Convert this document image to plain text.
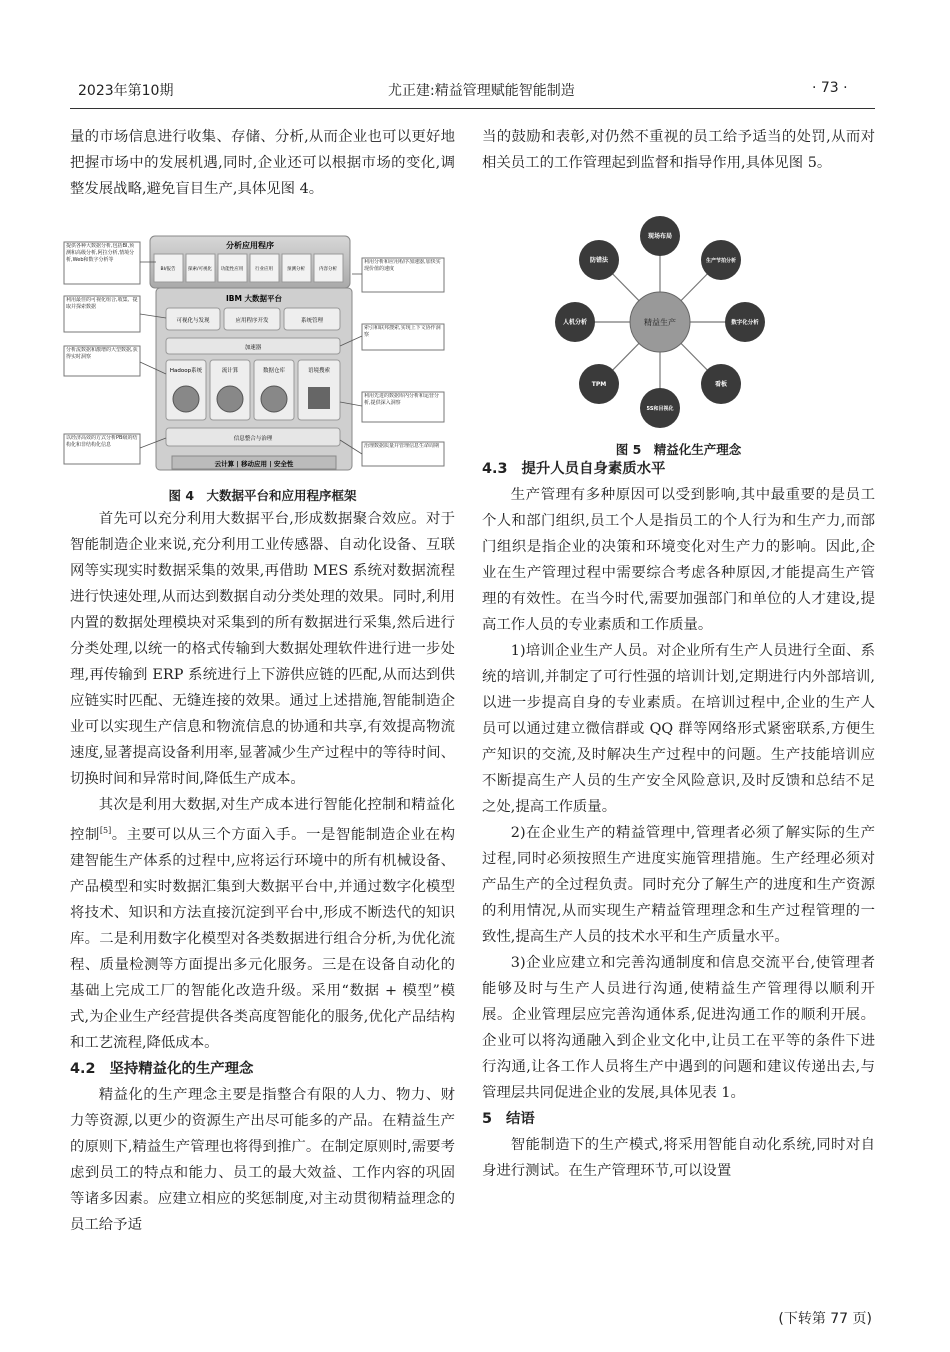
2023年第10期	尤正建:精益管理赋能智能制造	· 73 ·

量的市场信息进行收集、存储、分析,从而企业也可以更好地把握市场中的发展机遇,同时,企业还可以根据市场的变化,调整发展战略,避免盲目生产,具体见图 4。

分析应用程序
BI/报告	探索/可视化 功能性应用	行业应用	预测分析	内容分析
IBM 大数据平台
可视化与发现	应用程序开发	系统管理
加速器
Hadoop系统	流计算	数据仓库	语境搜索
信息整合与治理
云计算 | 移动应用 | 安全性
提供各种大数据分析,包括BI,预测和高级分析,阿拉分析,情境分析,Web和数字分析等
利用最佳的可视化组合,收集、提取并探索数据
分析流数据和激增的大型数据,获得实时洞察
以经济高效的方式分析PB级的结构化和非结构化信息
利用分析和应用程序加速器,加快实现价值的速度
索引和联邦搜索,实现上下文协作洞察
利用先进的数据库内分析和运营分析,提供深入洞察
治理数据质量并管理信息生命周期
图 4　大数据平台和应用程序框架

首先可以充分利用大数据平台,形成数据聚合效应。对于智能制造企业来说,充分利用工业传感器、自动化设备、互联网等实现实时数据采集的效果,再借助 MES 系统对数据流程进行快速处理,从而达到数据自动分类处理的效果。同时,利用内置的数据处理模块对采集到的所有数据进行采集,然后进行分类处理,以统一的格式传输到大数据处理软件进行进一步处理,再传输到 ERP 系统进行上下游供应链的匹配,从而达到供应链实时匹配、无缝连接的效果。通过上述措施,智能制造企业可以实现生产信息和物流信息的协通和共享,有效提高物流速度,显著提高设备利用率,显著减少生产过程中的等待时间、切换时间和异常时间,降低生产成本。

其次是利用大数据,对生产成本进行智能化控制和精益化控制[5]。主要可以从三个方面入手。一是智能制造企业在构建智能生产体系的过程中,应将运行环境中的所有机械设备、产品模型和实时数据汇集到大数据平台中,并通过数字化模型将技术、知识和方法直接沉淀到平台中,形成不断迭代的知识库。二是利用数字化模型对各类数据进行组合分析,为优化流程、质量检测等方面提出多元化服务。三是在设备自动化的基础上完成工厂的智能化改造升级。采用“数据 + 模型”模式,为企业生产经营提供各类高度智能化的服务,优化产品结构和工艺流程,降低成本。

4.2 坚持精益化的生产理念

精益化的生产理念主要是指整合有限的人力、物力、财力等资源,以更少的资源生产出尽可能多的产品。在精益生产的原则下,精益生产管理也将得到推广。在制定原则时,需要考虑到员工的特点和能力、员工的最大效益、工作内容的巩固等诸多因素。应建立相应的奖惩制度,对主动贯彻精益理念的员工给予适

当的鼓励和表彰,对仍然不重视的员工给予适当的处罚,从而对相关员工的工作管理起到监督和指导作用,具体见图 5。

精益生产
现场布局
生产节拍分析
数字化分析
看板
5S和目视化
TPM
人机分析
防错法
图 5　精益化生产理念
4.3 提升人员自身素质水平

生产管理有多种原因可以受到影响,其中最重要的是员工个人和部门组织,员工个人是指员工的个人行为和生产力,而部门组织是指企业的决策和环境变化对生产力的影响。因此,企业在生产管理过程中需要综合考虑各种原因,才能提高生产管理的有效性。在当今时代,需要加强部门和单位的人才建设,提高工作人员的专业素质和工作质量。

1)培训企业生产人员。对企业所有生产人员进行全面、系统的培训,并制定了可行性强的培训计划,定期进行内外部培训,以进一步提高自身的专业素质。在培训过程中,企业的生产人员可以通过建立微信群或 QQ 群等网络形式紧密联系,方便生产知识的交流,及时解决生产过程中的问题。生产技能培训应不断提高生产人员的生产安全风险意识,及时反馈和总结不足之处,提高工作质量。

2)在企业生产的精益管理中,管理者必须了解实际的生产过程,同时必须按照生产进度实施管理措施。生产经理必须对产品生产的全过程负责。同时充分了解生产的进度和生产资源的利用情况,从而实现生产精益管理理念和生产过程管理的一致性,提高生产人员的技术水平和生产质量水平。

3)企业应建立和完善沟通制度和信息交流平台,使管理者能够及时与生产人员进行沟通,使精益生产管理得以顺利开展。企业管理层应完善沟通体系,促进沟通工作的顺利开展。企业可以将沟通融入到企业文化中,让员工在平等的条件下进行沟通,让各工作人员将生产中遇到的问题和建议传递出去,与管理层共同促进企业的发展,具体见表 1。

5 结语

智能制造下的生产模式,将采用智能自动化系统,同时对自身进行测试。在生产管理环节,可以设置

(下转第 77 页)
